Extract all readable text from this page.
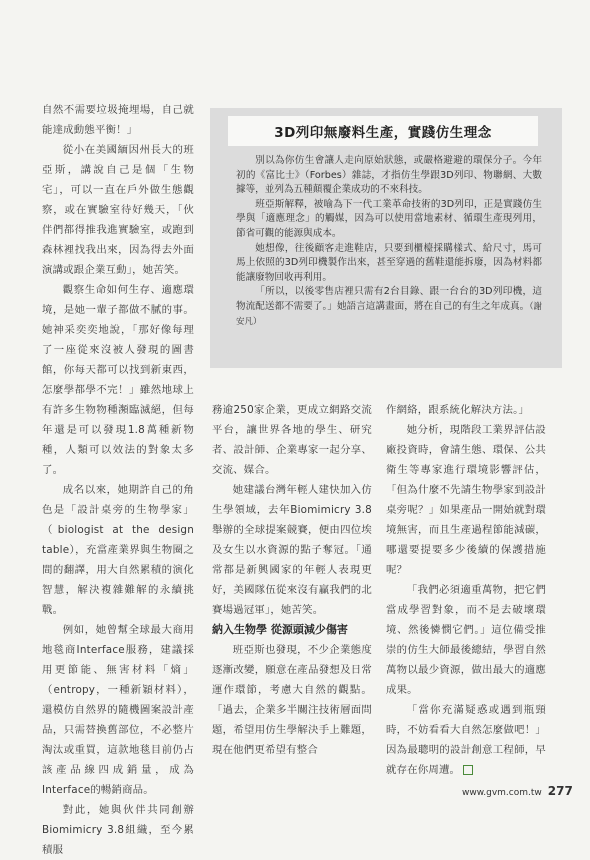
自然不需要垃圾掩埋場，自己就能達成動態平衡！」

從小在美國緬因州長大的班亞斯，講說自己是個「生物宅」，可以一直在戶外做生態觀察，或在實驗室待好幾天，「伙伴們都得推我進實驗室，或跑到森林裡找我出來，因為得去外面演講或跟企業互動」，她苦笑。

觀察生命如何生存、適應環境，是她一輩子都做不膩的事。她神采奕奕地說，「那好像每理了一座從來沒被人發現的圖書館，你每天都可以找到新東西，怎麼學都學不完！」雖然地球上有許多生物物種瀕臨滅絕，但每年還是可以發現1.8萬種新物種，人類可以效法的對象太多了。

成名以來，她期許自己的角色是「設計桌旁的生物學家」（biologist at the design table），充當產業界與生物圈之間的翻譯，用大自然累積的演化智慧，解決複雜難解的永續挑戰。

例如，她曾幫全球最大商用地毯商Interface服務，建議採用更節能、無害材料「熵」（entropy，一種新穎材料），還模仿自然界的隨機圖案設計產品，只需替換舊部位，不必整片淘汰或重買，這款地毯目前仍占該產品線四成銷量，成為Interface的暢銷商品。

對此，她與伙伴共同創辦Biomimicry 3.8組織，至今累積服

3D列印無廢料生產，實踐仿生理念

別以為你仿生會讓人走向原始狀態，或嚴格避避的環保分子。今年初的《富比士》（Forbes）雜誌，才指仿生學跟3D列印、物聯網、大數據等，並列為五種顛覆企業成功的不來科技。

班亞斯解釋，被喻為下一代工業革命技術的3D列印，正是實踐仿生學與「適應理念」的觸媒，因為可以使用當地素材、循環生產現列用，節省可觀的能源與成本。

她想像，往後顧客走進鞋店，只要到櫃檯採購樣式、給尺寸，馬可馬上依照的3D列印機製作出來，甚至穿過的舊鞋還能拆廢，因為材料都能讓廢物回收再利用。

「所以，以後零售店裡只需有2台目錄、跟一台台的3D列印機，這物流配送都不需要了。」她語言這講畫面，將在自己的有生之年成真。（謝安凡）

務逾250家企業，更成立網路交流平台，讓世界各地的學生、研究者、設計師、企業專家一起分享、交流、媒合。

她建議台灣年輕人建快加入仿生學領域，去年Biomimicry 3.8舉辦的全球提案競賽，便由四位埃及女生以水資源的點子奪冠。「通常都是新興國家的年輕人表現更好，美國隊伍從來沒有贏我們的北賽場過冠軍」，她苦笑。

納入生物學 從源頭減少傷害

班亞斯也發現，不少企業態度逐漸改變，願意在產品發想及日常運作環節，考慮大自然的觀點。「過去，企業多半關注技術層面問題，希望用仿生學解決手上難題，現在他們更希望有整合

作網絡，跟系統化解決方法。」

她分析，現階段工業界評估設廠投資時，會請生態、環保、公共衛生等專家進行環境影響評估，「但為什麼不先請生物學家到設計桌旁呢？」如果產品一開始就對環境無害，而且生產過程節能減碳，哪還要提要多少後續的保護措施呢？

「我們必須適重萬物，把它們當成學習對象，而不是去破壞環境、然後憐憫它們。」這位備受推崇的仿生大師最後總結，學習自然萬物以最少資源，做出最大的適應成果。

「當你充滿疑惑或遇到瓶頸時，不妨看看大自然怎麼做吧！」因為最聰明的設計創意工程師，早就存在你周遭。

www.gvm.com.tw 277
